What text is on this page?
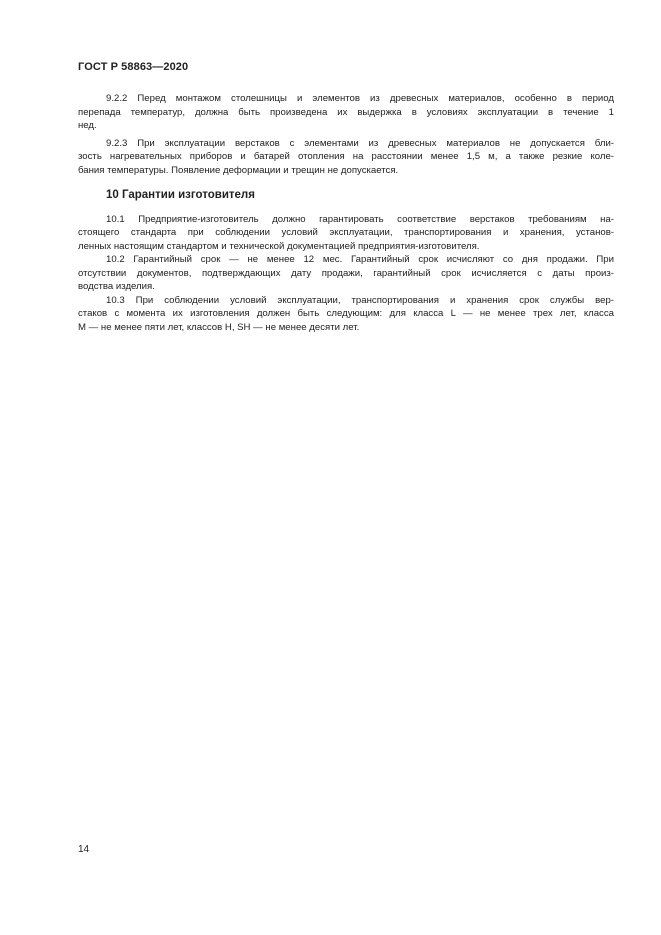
ГОСТ Р 58863—2020

9.2.2 Перед монтажом столешницы и элементов из древесных материалов, особенно в период
перепада температур, должна быть произведена их выдержка в условиях эксплуатации в течение 1
нед.

9.2.3 При эксплуатации верстаков с элементами из древесных материалов не допускается бли-
зость нагревательных приборов и батарей отопления на расстоянии менее 1,5 м, а также резкие коле-
бания температуры. Появление деформации и трещин не допускается.

10 Гарантии изготовителя

10.1 Предприятие-изготовитель должно гарантировать соответствие верстаков требованиям на-
стоящего стандарта при соблюдении условий эксплуатации, транспортирования и хранения, установ-
ленных настоящим стандартом и технической документацией предприятия-изготовителя.

10.2 Гарантийный срок — не менее 12 мес. Гарантийный срок исчисляют со дня продажи. При
отсутствии документов, подтверждающих дату продажи, гарантийный срок исчисляется с даты произ-
водства изделия.

10.3 При соблюдении условий эксплуатации, транспортирования и хранения срок службы вер-
стаков с момента их изготовления должен быть следующим: для класса L — не менее трех лет, класса
M — не менее пяти лет, классов H, SH — не менее десяти лет.

14
